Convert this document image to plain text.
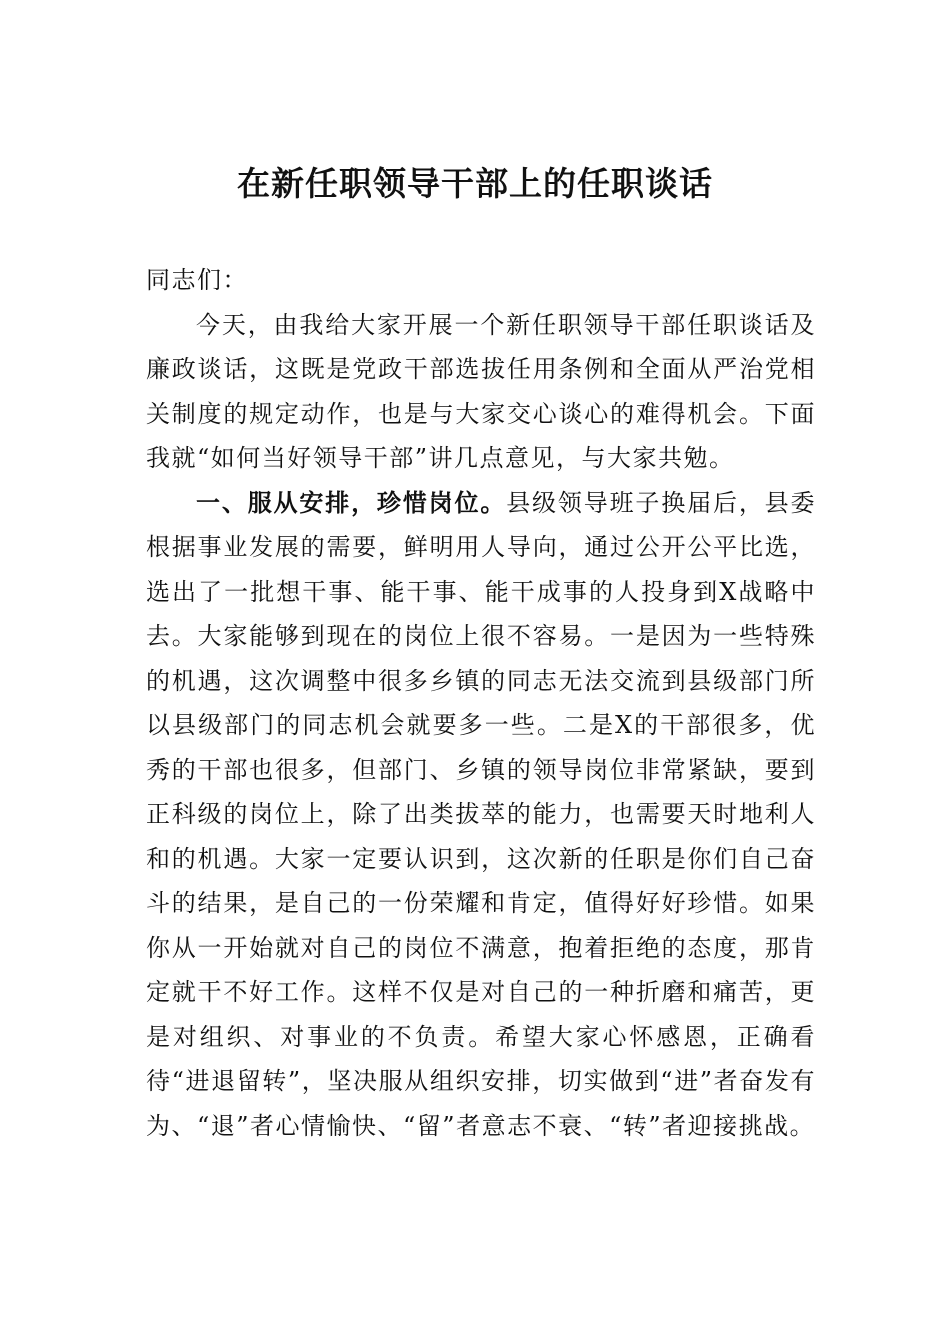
在新任职领导干部上的任职谈话

同志们：

今天，由我给大家开展一个新任职领导干部任职谈话及廉政谈话，这既是党政干部选拔任用条例和全面从严治党相关制度的规定动作，也是与大家交心谈心的难得机会。下面我就“如何当好领导干部”讲几点意见，与大家共勉。

一、服从安排，珍惜岗位。县级领导班子换届后，县委根据事业发展的需要，鲜明用人导向，通过公开公平比选，选出了一批想干事、能干事、能干成事的人投身到X战略中去。大家能够到现在的岗位上很不容易。一是因为一些特殊的机遇，这次调整中很多乡镇的同志无法交流到县级部门所以县级部门的同志机会就要多一些。二是X的干部很多，优秀的干部也很多，但部门、乡镇的领导岗位非常紧缺，要到正科级的岗位上，除了出类拔萃的能力，也需要天时地利人和的机遇。大家一定要认识到，这次新的任职是你们自己奋斗的结果，是自己的一份荣耀和肯定，值得好好珍惜。如果你从一开始就对自己的岗位不满意，抱着拒绝的态度，那肯定就干不好工作。这样不仅是对自己的一种折磨和痛苦，更是对组织、对事业的不负责。希望大家心怀感恩，正确看待“进退留转”，坚决服从组织安排，切实做到“进”者奋发有为、“退”者心情愉快、“留”者意志不衰、“转”者迎接挑战。
